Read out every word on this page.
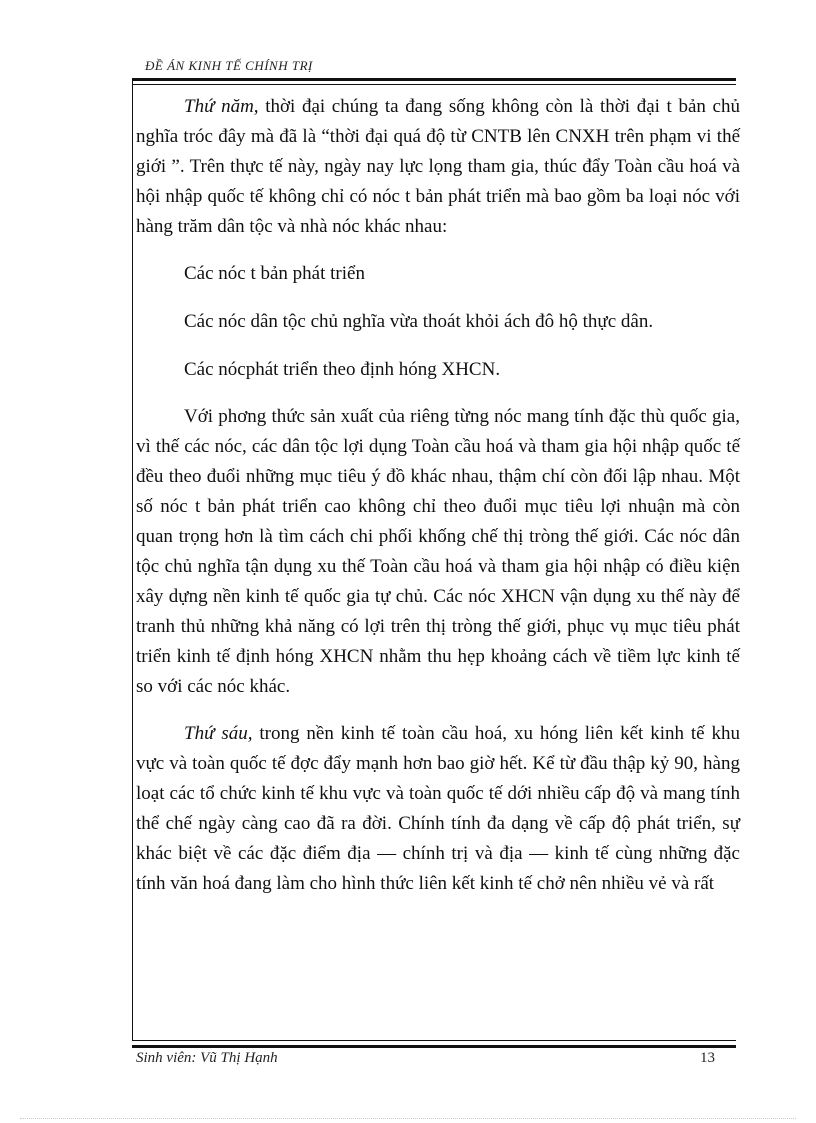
ĐỀ ÁN KINH TẾ CHÍNH TRỊ

Thứ năm, thời đại chúng ta đang sống không còn là thời đại t bản chủ nghĩa tróc đây mà đã là “thời đại quá độ từ CNTB lên CNXH trên phạm vi thế giới ”. Trên thực tế này, ngày nay lực lọng tham gia, thúc đẩy Toàn cầu hoá và hội nhập quốc tế không chỉ có nóc t bản phát triển mà bao gồm ba loại nóc với hàng trăm dân tộc và nhà nóc khác nhau:

Các nóc t bản phát triển

Các nóc dân tộc chủ nghĩa vừa thoát khỏi ách đô hộ thực dân.

Các nócphát triển theo định hóng XHCN.

Với phơng thức sản xuất của riêng từng nóc mang tính đặc thù quốc gia, vì thế các nóc, các dân tộc lợi dụng Toàn cầu hoá và tham gia hội nhập quốc tế đều theo đuổi những mục tiêu ý đồ khác nhau, thậm chí còn đối lập nhau. Một số nóc t bản phát triển cao không chỉ theo đuổi mục tiêu lợi nhuận mà còn quan trọng hơn là tìm cách chi phối khống chế thị tròng thế giới. Các nóc dân tộc chủ nghĩa tận dụng xu thế Toàn cầu hoá và tham gia hội nhập có điều kiện xây dựng nền kinh tế quốc gia tự chủ. Các nóc XHCN vận dụng xu thế này để tranh thủ những khả năng có lợi trên thị tròng thế giới, phục vụ mục tiêu phát triển kinh tế định hóng XHCN nhằm thu hẹp khoảng cách về tiềm lực kinh tế so với các nóc khác.

Thứ sáu, trong nền kinh tế toàn cầu hoá, xu hóng liên kết kinh tế khu vực và toàn quốc tế đợc đẩy mạnh hơn bao giờ hết. Kể từ đầu thập kỷ 90, hàng loạt các tổ chức kinh tế khu vực và toàn quốc tế dới nhiều cấp độ và mang tính thể chế ngày càng cao đã ra đời. Chính tính đa dạng về cấp độ phát triển, sự khác biệt về các đặc điểm địa — chính trị và địa — kinh tế cùng những đặc tính văn hoá đang làm cho hình thức liên kết kinh tế chở nên nhiều vẻ và rất

Sinh viên: Vũ Thị Hạnh	13
